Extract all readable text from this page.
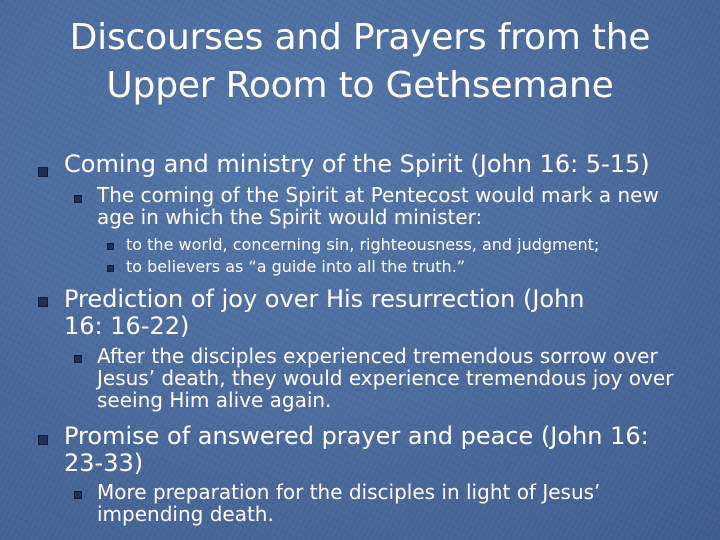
Discourses and Prayers from the
Upper Room to Gethsemane
Coming and ministry of the Spirit (John 16: 5-15)
The coming of the Spirit at Pentecost would mark a new age in which the Spirit would minister:
to the world, concerning sin, righteousness, and judgment;
to believers as “a guide into all the truth.”
Prediction of joy over His resurrection (John 16: 16-22)
After the disciples experienced tremendous sorrow over Jesus’ death, they would experience tremendous joy over seeing Him alive again.
Promise of answered prayer and peace (John 16: 23-33)
More preparation for the disciples in light of Jesus’ impending death.
